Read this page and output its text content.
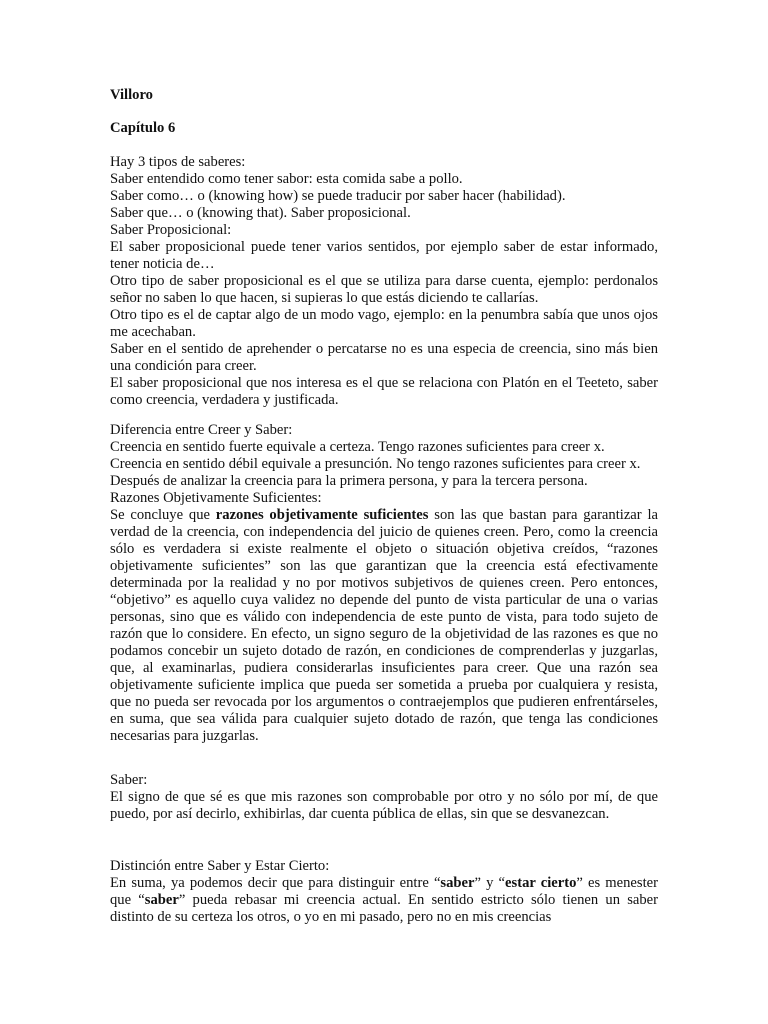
Villoro

Capítulo 6

Hay 3 tipos de saberes:

Saber entendido como tener sabor: esta comida sabe a pollo.

Saber como… o (knowing how) se puede traducir por saber hacer (habilidad).

Saber que… o (knowing that). Saber proposicional.

Saber Proposicional:

El saber proposicional puede tener varios sentidos, por ejemplo saber de estar informado, tener noticia de…

Otro tipo de saber proposicional es el que se utiliza para darse cuenta, ejemplo: perdonalos señor no saben lo que hacen, si supieras lo que estás diciendo te callarías.

Otro tipo es el de captar algo de un modo vago, ejemplo: en la penumbra sabía que unos ojos me acechaban.

Saber en el sentido de aprehender o percatarse no es una especia de creencia, sino más bien una condición para creer.

El saber proposicional que nos interesa es el que se relaciona con Platón en el Teeteto, saber como creencia, verdadera y justificada.

Diferencia entre Creer y Saber:

Creencia en sentido fuerte equivale a certeza. Tengo razones suficientes para creer x.

Creencia en sentido débil equivale a presunción. No tengo razones suficientes para creer x.

Después de analizar la creencia para la primera persona, y para la tercera persona.

Razones Objetivamente Suficientes:

Se concluye que razones objetivamente suficientes son las que bastan para garantizar la verdad de la creencia, con independencia del juicio de quienes creen. Pero, como la creencia sólo es verdadera si existe realmente el objeto o situación objetiva creídos, “razones objetivamente suficientes” son las que garantizan que la creencia está efectivamente determinada por la realidad y no por motivos subjetivos de quienes creen. Pero entonces, “objetivo” es aquello cuya validez no depende del punto de vista particular de una o varias personas, sino que es válido con independencia de este punto de vista, para todo sujeto de razón que lo considere. En efecto, un signo seguro de la objetividad de las razones es que no podamos concebir un sujeto dotado de razón, en condiciones de comprenderlas y juzgarlas, que, al examinarlas, pudiera considerarlas insuficientes para creer. Que una razón sea objetivamente suficiente implica que pueda ser sometida a prueba por cualquiera y resista, que no pueda ser revocada por los argumentos o contraejemplos que pudieren enfrentárseles, en suma, que sea válida para cualquier sujeto dotado de razón, que tenga las condiciones necesarias para juzgarlas.

Saber:

El signo de que sé es que mis razones son comprobable por otro y no sólo por mí, de que puedo, por así decirlo, exhibirlas, dar cuenta pública de ellas, sin que se desvanezcan.

Distinción entre Saber y Estar Cierto:

En suma, ya podemos decir que para distinguir entre “saber” y “estar cierto” es menester que “saber” pueda rebasar mi creencia actual. En sentido estricto sólo tienen un saber distinto de su certeza los otros, o yo en mi pasado, pero no en mis creencias
